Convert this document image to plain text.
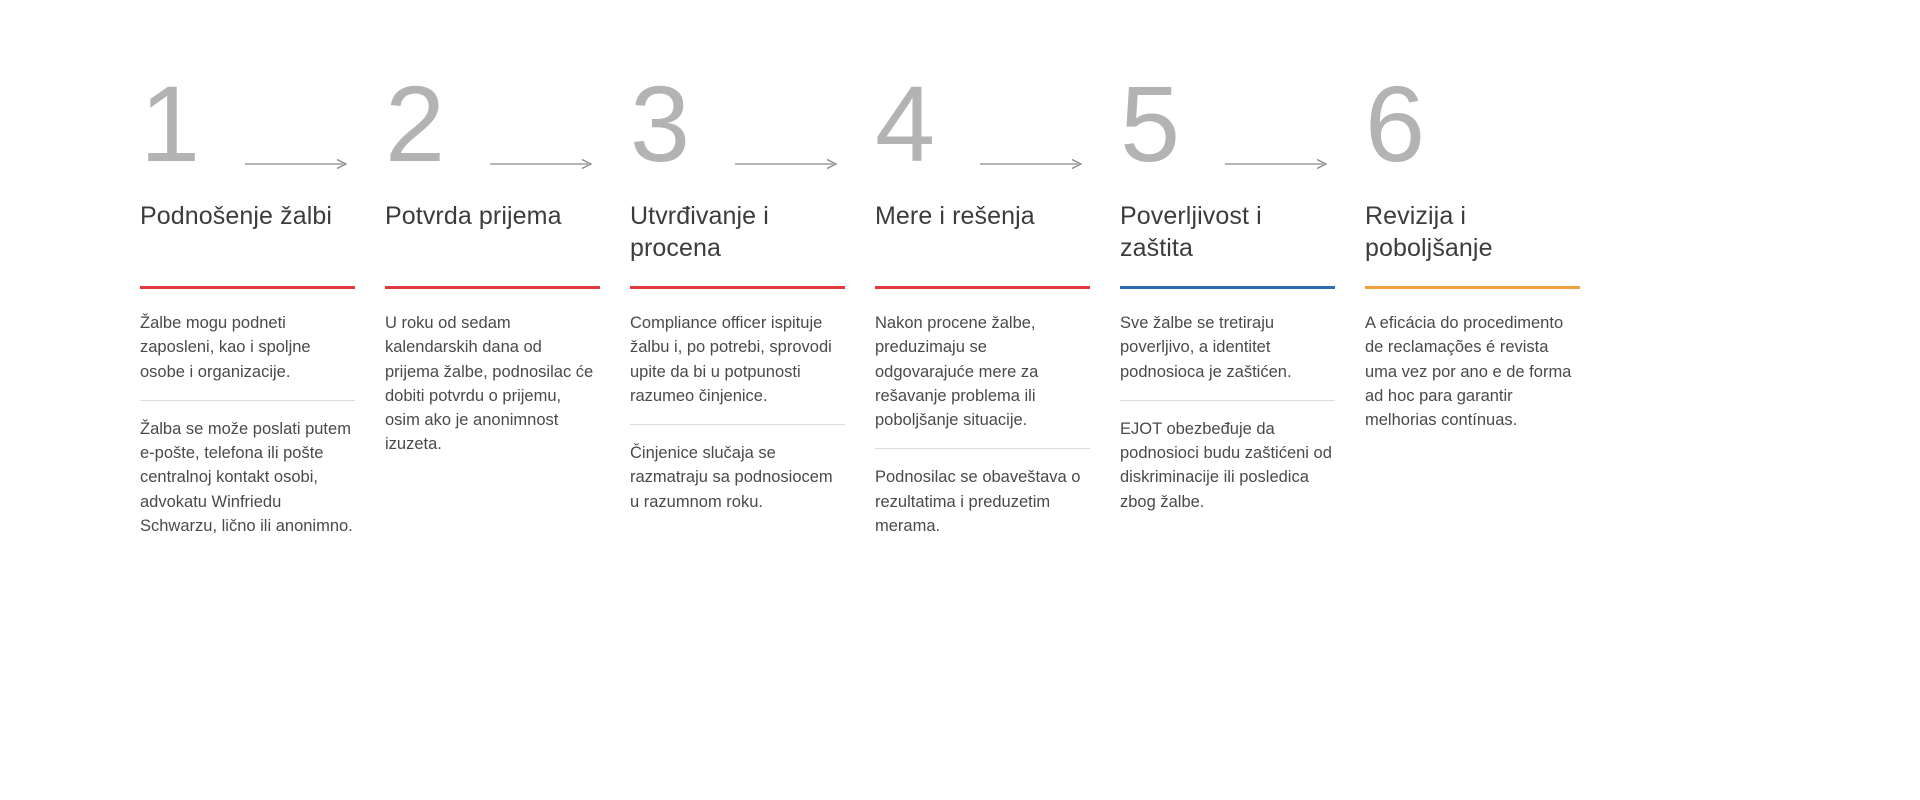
1
Podnošenje žalbi

Žalbe mogu podneti zaposleni, kao i spoljne osobe i organizacije.

Žalba se može poslati putem e-pošte, telefona ili pošte centralnoj kontakt osobi, advokatu Winfriedu Schwarzu, lično ili anonimno.

2
Potvrda prijema

U roku od sedam kalendarskih dana od prijema žalbe, podnosilac će dobiti potvrdu o prijemu, osim ako je anonimnost izuzeta.

3
Utvrđivanje i procena

Compliance officer ispituje žalbu i, po potrebi, sprovodi upite da bi u potpunosti razumeo činjenice.

Činjenice slučaja se razmatraju sa podnosiocem u razumnom roku.

4
Mere i rešenja

Nakon procene žalbe, preduzimaju se odgovarajuće mere za rešavanje problema ili poboljšanje situacije.

Podnosilac se obaveštava o rezultatima i preduzetim merama.

5
Poverljivost i zaštita

Sve žalbe se tretiraju poverljivo, a identitet podnosioca je zaštićen.

EJOT obezbeđuje da podnosioci budu zaštićeni od diskriminacije ili posledica zbog žalbe.

6
Revizija i poboljšanje

A eficácia do procedimento de reclamações é revista uma vez por ano e de forma ad hoc para garantir melhorias contínuas.
